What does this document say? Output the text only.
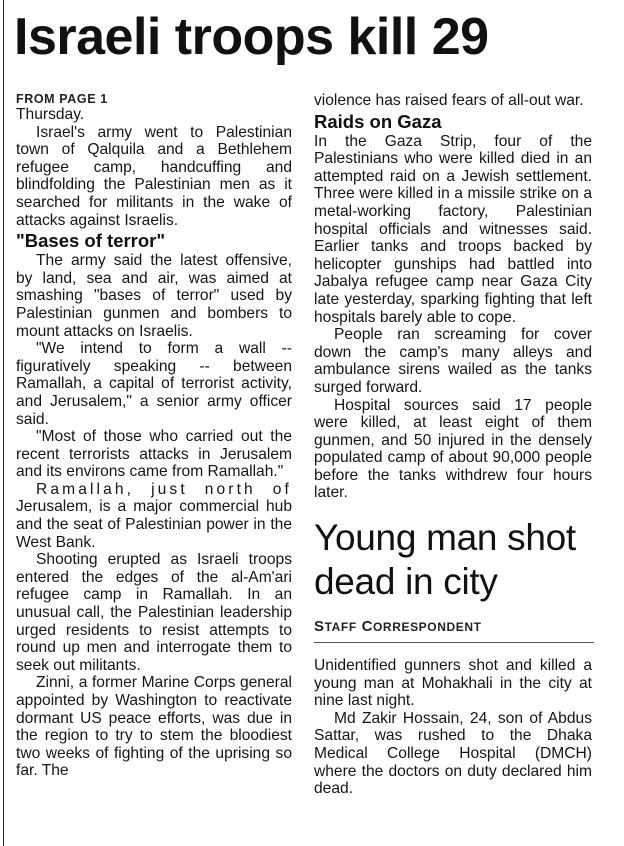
Israeli troops kill 29

FROM PAGE 1

Thursday.

Israel's army went to Palestinian town of Qalquila and a Bethlehem refugee camp, handcuffing and blindfolding the Palestinian men as it searched for militants in the wake of attacks against Israelis.

"Bases of terror"

The army said the latest offensive, by land, sea and air, was aimed at smashing "bases of terror" used by Palestinian gunmen and bombers to mount attacks on Israelis.

"We intend to form a wall -- figuratively speaking -- between Ramallah, a capital of terrorist activity, and Jerusalem," a senior army officer said.

"Most of those who carried out the recent terrorists attacks in Jerusalem and its environs came from Ramallah."

Ramallah, just north of Jerusalem, is a major commercial hub and the seat of Palestinian power in the West Bank.

Shooting erupted as Israeli troops entered the edges of the al-Am'ari refugee camp in Ramallah. In an unusual call, the Palestinian leadership urged residents to resist attempts to round up men and interrogate them to seek out militants.

Zinni, a former Marine Corps general appointed by Washington to reactivate dormant US peace efforts, was due in the region to try to stem the bloodiest two weeks of fighting of the uprising so far. The

violence has raised fears of all-out war.

Raids on Gaza

In the Gaza Strip, four of the Palestinians who were killed died in an attempted raid on a Jewish settlement. Three were killed in a missile strike on a metal-working factory, Palestinian hospital officials and witnesses said. Earlier tanks and troops backed by helicopter gunships had battled into Jabalya refugee camp near Gaza City late yesterday, sparking fighting that left hospitals barely able to cope.

People ran screaming for cover down the camp's many alleys and ambulance sirens wailed as the tanks surged forward.

Hospital sources said 17 people were killed, at least eight of them gunmen, and 50 injured in the densely populated camp of about 90,000 people before the tanks withdrew four hours later.

Young man shot dead in city
STAFF CORRESPONDENT

Unidentified gunners shot and killed a young man at Mohakhali in the city at nine last night.

Md Zakir Hossain, 24, son of Abdus Sattar, was rushed to the Dhaka Medical College Hospital (DMCH) where the doctors on duty declared him dead.
